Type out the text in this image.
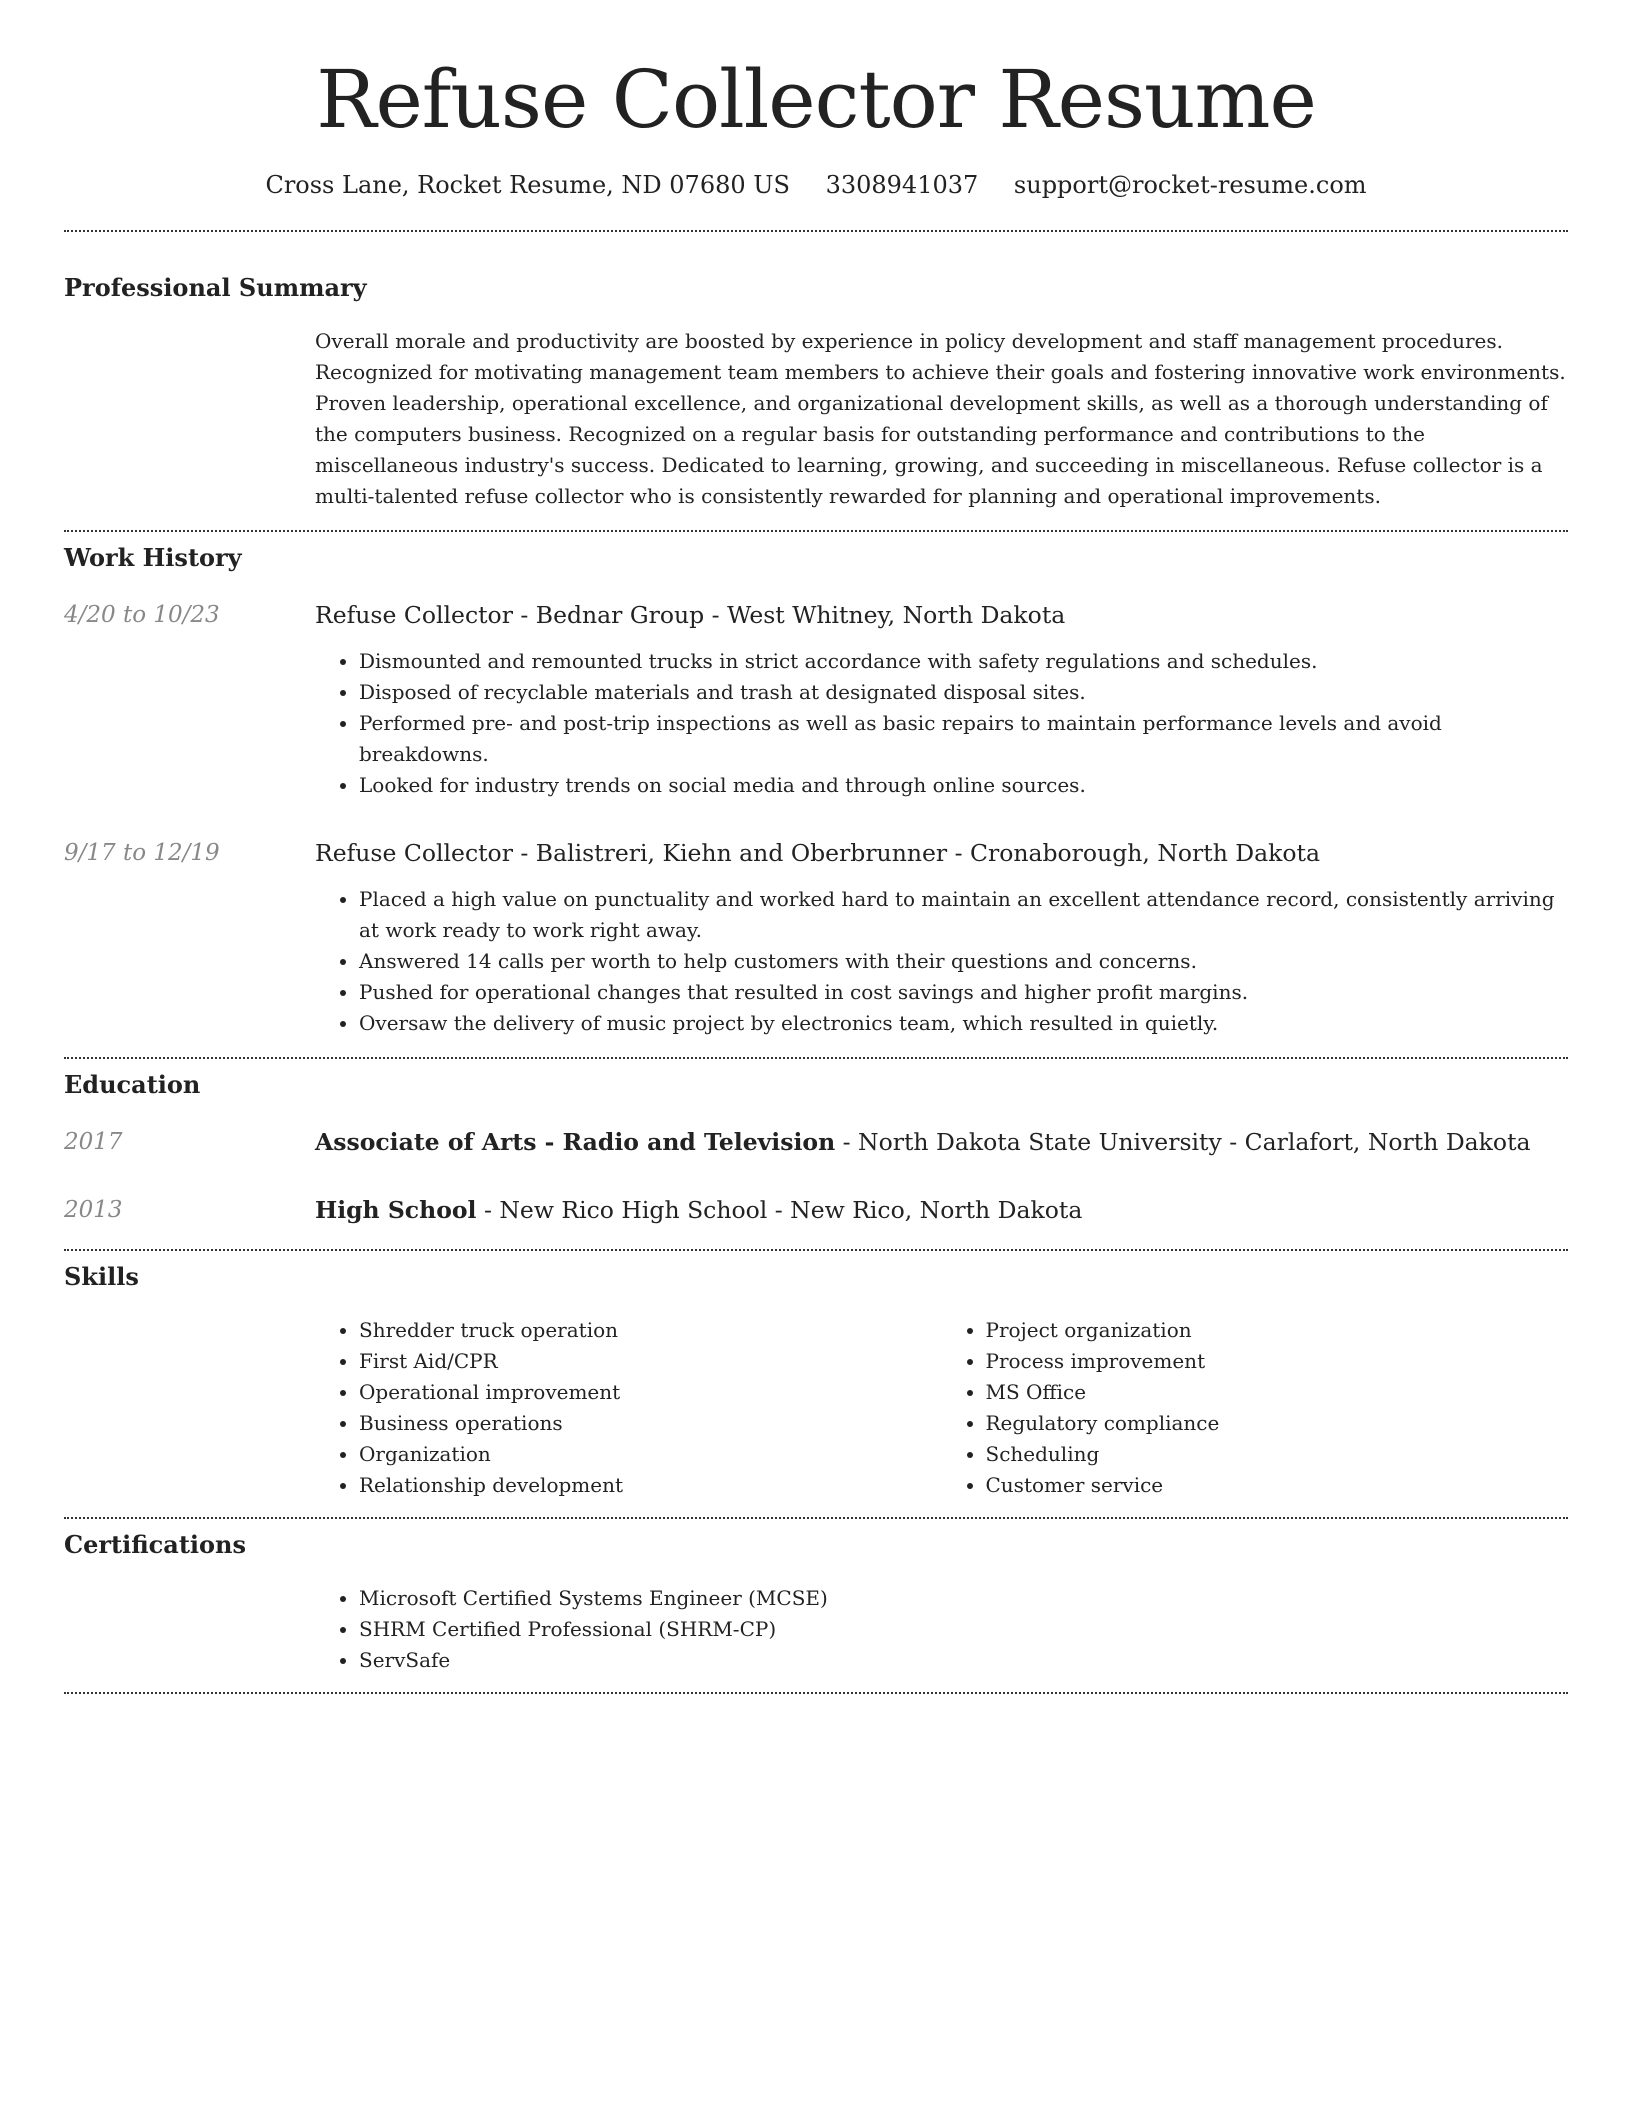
Refuse Collector Resume
Cross Lane, Rocket Resume, ND 07680 US 3308941037 support@rocket-resume.com
Professional Summary
Overall morale and productivity are boosted by experience in policy development and staff management procedures. Recognized for motivating management team members to achieve their goals and fostering innovative work environments. Proven leadership, operational excellence, and organizational development skills, as well as a thorough understanding of the computers business. Recognized on a regular basis for outstanding performance and contributions to the miscellaneous industry's success. Dedicated to learning, growing, and succeeding in miscellaneous. Refuse collector is a multi-talented refuse collector who is consistently rewarded for planning and operational improvements.
Work History
4/20 to 10/23	Refuse Collector - Bednar Group - West Whitney, North Dakota
• Dismounted and remounted trucks in strict accordance with safety regulations and schedules.
• Disposed of recyclable materials and trash at designated disposal sites.
• Performed pre- and post-trip inspections as well as basic repairs to maintain performance levels and avoid breakdowns.
• Looked for industry trends on social media and through online sources.
9/17 to 12/19	Refuse Collector - Balistreri, Kiehn and Oberbrunner - Cronaborough, North Dakota
• Placed a high value on punctuality and worked hard to maintain an excellent attendance record, consistently arriving at work ready to work right away.
• Answered 14 calls per worth to help customers with their questions and concerns.
• Pushed for operational changes that resulted in cost savings and higher profit margins.
• Oversaw the delivery of music project by electronics team, which resulted in quietly.
Education
2017	Associate of Arts - Radio and Television - North Dakota State University - Carlafort, North Dakota
2013	High School - New Rico High School - New Rico, North Dakota
Skills
• Shredder truck operation
• First Aid/CPR
• Operational improvement
• Business operations
• Organization
• Relationship development
• Project organization
• Process improvement
• MS Office
• Regulatory compliance
• Scheduling
• Customer service
Certifications
• Microsoft Certified Systems Engineer (MCSE)
• SHRM Certified Professional (SHRM-CP)
• ServSafe
